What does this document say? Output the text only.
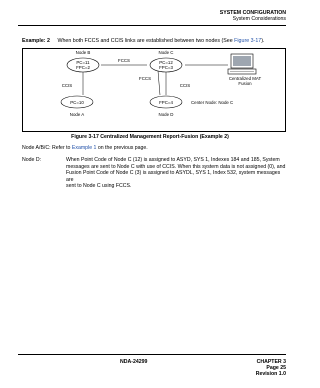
SYSTEM CONFIGURATION
System Considerations
Example: 2 When both FCCS and CCIS links are established between two nodes (See Figure 3-17).
Node B	Node C
PC=11
FPC=2
PC=12
FPC=3
PC=10	FPC=4
Node A	Node D
FCCS
FCCS
CCIS	CCIS
Center Node: Node C
Centralized MAT
Fusion
Figure 3-17 Centralized Management Report-Fusion (Example 2)
Node A/B/C: Refer to Example 1 on the previous page.
Node D:	When Point Code of Node C (12) is assigned to ASYD, SYS 1, Indexes 184 and 185, System
messages are sent to Node C with use of CCIS. When this system data is not assigned (0), and
Fusion Point Code of Node C (3) is assigned to ASYDL, SYS 1, Index 532, system messages are
sent to Node C using FCCS.
NDA-24299	CHAPTER 3
Page 25
Revision 1.0
